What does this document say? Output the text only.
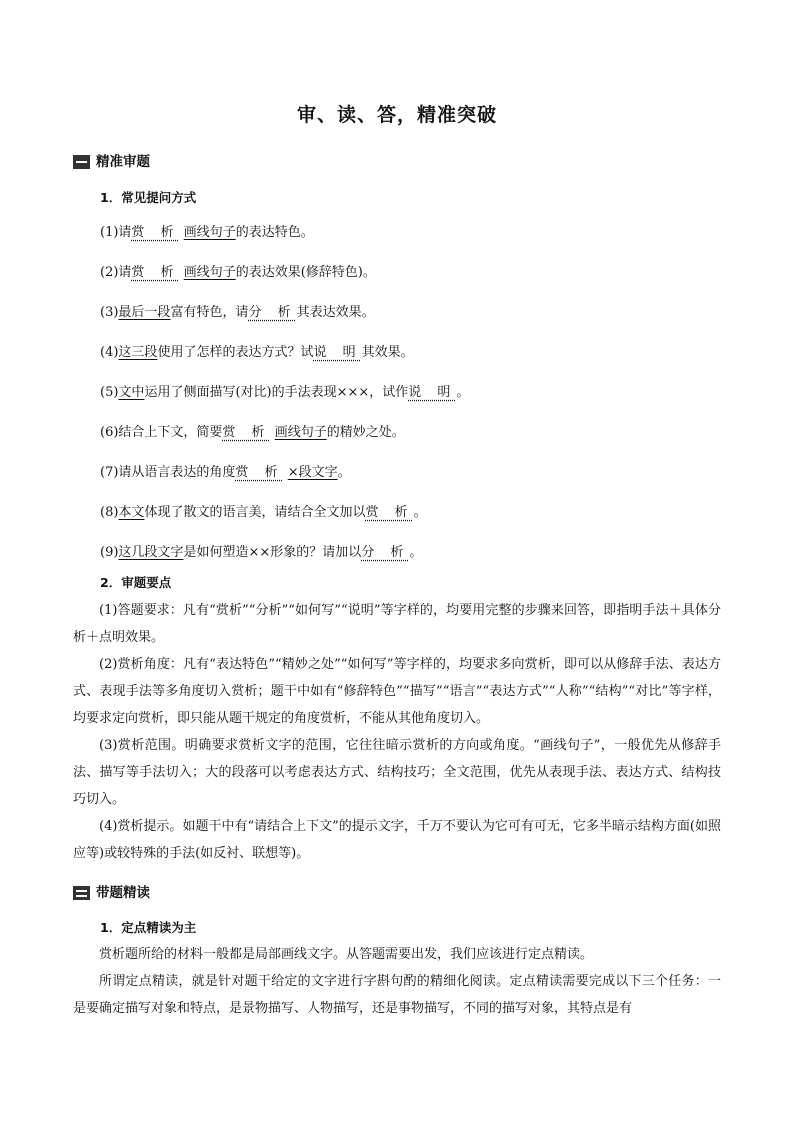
审、读、答，精准突破
精准审题
1．常见提问方式
(1)请赏 析 画线句子的表达特色。
(2)请赏 析 画线句子的表达效果(修辞特色)。
(3)最后一段富有特色，请分 析其表达效果。
(4)这三段使用了怎样的表达方式？试说 明其效果。
(5)文中运用了侧面描写(对比)的手法表现×××，试作说 明。
(6)结合上下文，简要赏 析 画线句子的精妙之处。
(7)请从语言表达的角度赏 析 ×段文字。
(8)本文体现了散文的语言美，请结合全文加以赏 析。
(9)这几段文字是如何塑造××形象的？请加以分 析。
2．审题要点

(1)答题要求：凡有“赏析”“分析”“如何写”“说明”等字样的，均要用完整的步骤来回答，即指明手法＋具体分析＋点明效果。

(2)赏析角度：凡有“表达特色”“精妙之处”“如何写”等字样的，均要求多向赏析，即可以从修辞手法、表达方式、表现手法等多角度切入赏析；题干中如有“修辞特色”“描写”“语言”“表达方式”“人称”“结构”“对比”等字样，均要求定向赏析，即只能从题干规定的角度赏析，不能从其他角度切入。

(3)赏析范围。明确要求赏析文字的范围，它往往暗示赏析的方向或角度。“画线句子”，一般优先从修辞手法、描写等手法切入；大的段落可以考虑表达方式、结构技巧；全文范围，优先从表现手法、表达方式、结构技巧切入。

(4)赏析提示。如题干中有“请结合上下文”的提示文字，千万不要认为它可有可无，它多半暗示结构方面(如照应等)或较特殊的手法(如反衬、联想等)。

带题精读
1．定点精读为主

赏析题所给的材料一般都是局部画线文字。从答题需要出发，我们应该进行定点精读。

所谓定点精读，就是针对题干给定的文字进行字斟句酌的精细化阅读。定点精读需要完成以下三个任务：一是要确定描写对象和特点，是景物描写、人物描写，还是事物描写，不同的描写对象，其特点是有
